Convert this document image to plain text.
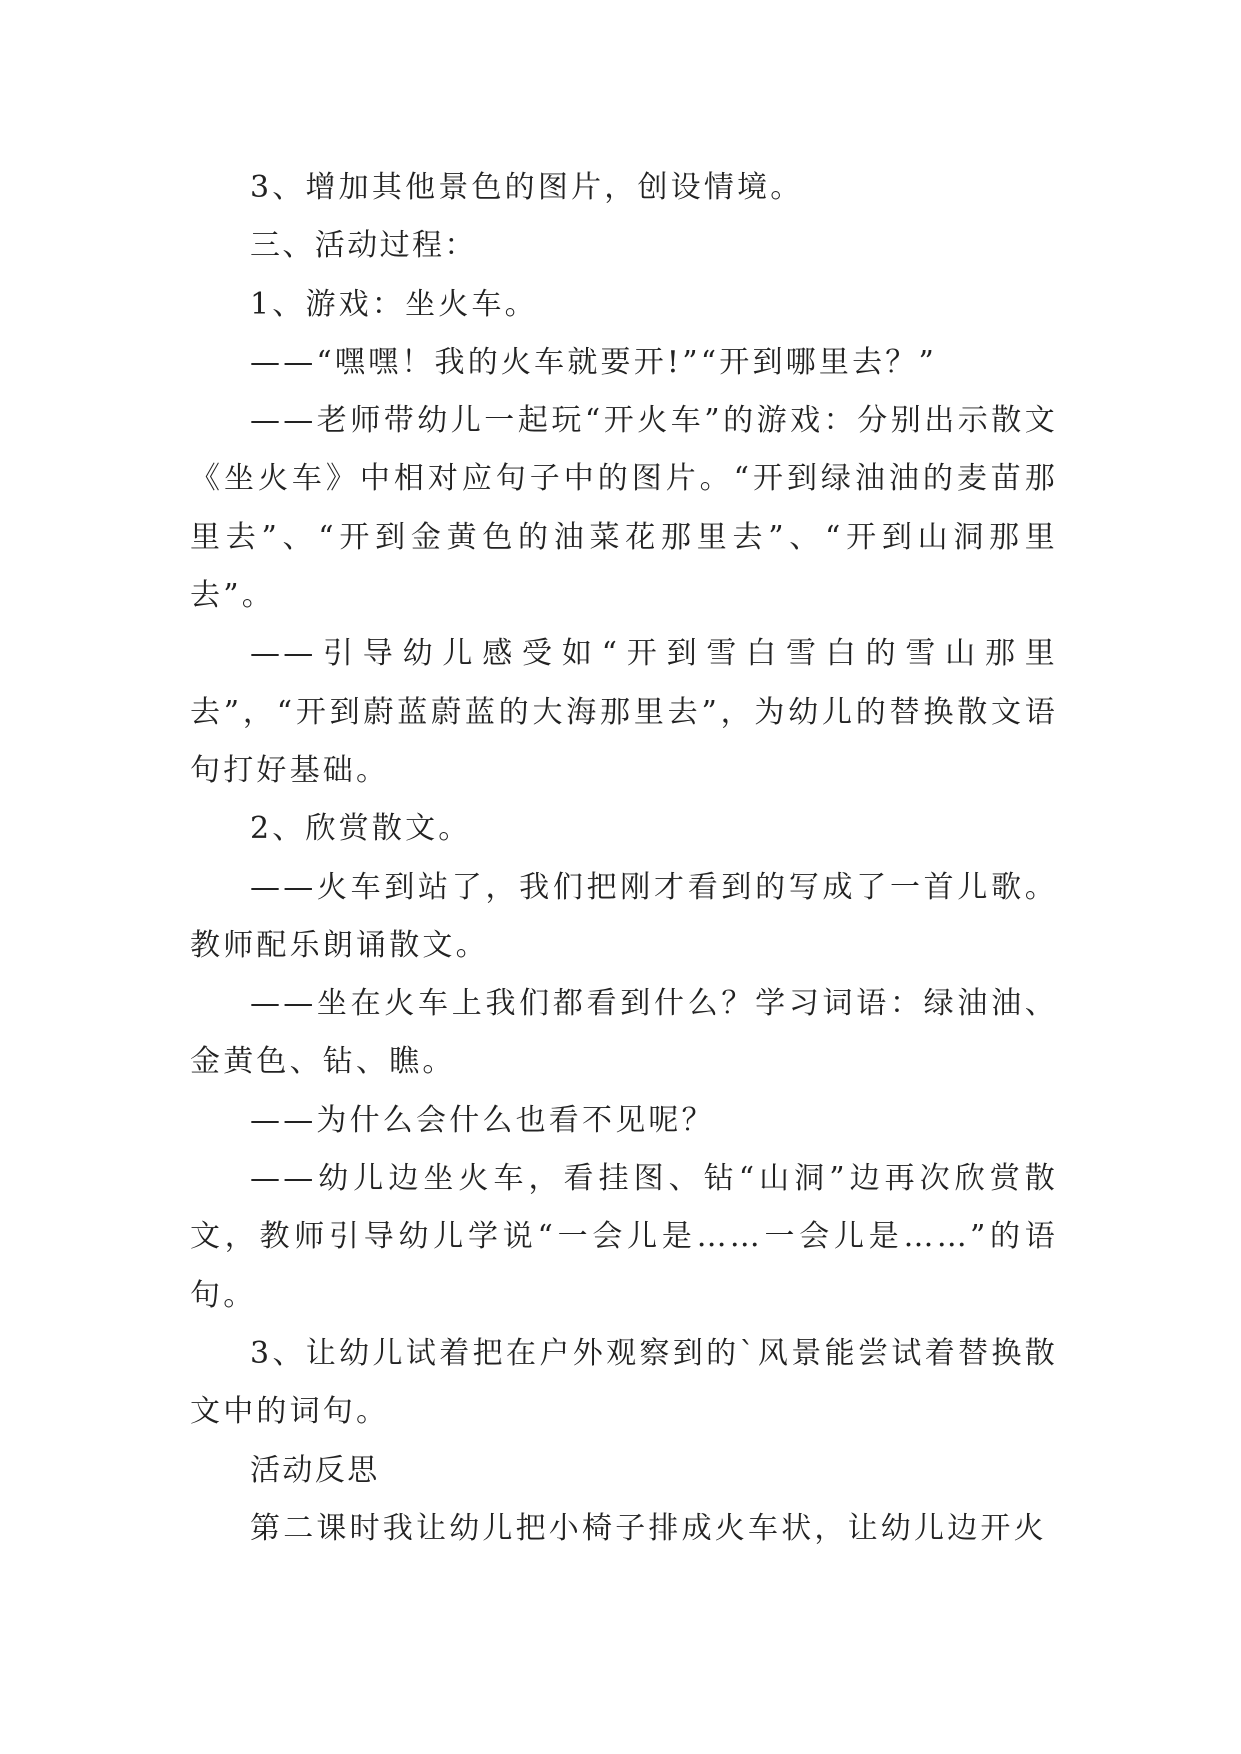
3、增加其他景色的图片，创设情境。

三、活动过程：

1、游戏：坐火车。

——“嘿嘿！我的火车就要开!”“开到哪里去？”

——老师带幼儿一起玩“开火车”的游戏：分别出示散文《坐火车》中相对应句子中的图片。“开到绿油油的麦苗那里去”、“开到金黄色的油菜花那里去”、“开到山洞那里去”。

——引导幼儿感受如“开到雪白雪白的雪山那里去”，“开到蔚蓝蔚蓝的大海那里去”，为幼儿的替换散文语句打好基础。

2、欣赏散文。

——火车到站了，我们把刚才看到的写成了一首儿歌。教师配乐朗诵散文。

——坐在火车上我们都看到什么？学习词语：绿油油、金黄色、钻、瞧。

——为什么会什么也看不见呢？

——幼儿边坐火车，看挂图、钻“山洞”边再次欣赏散文，教师引导幼儿学说“一会儿是……一会儿是……”的语句。

3、让幼儿试着把在户外观察到的`风景能尝试着替换散文中的词句。

活动反思

第二课时我让幼儿把小椅子排成火车状，让幼儿边开火
